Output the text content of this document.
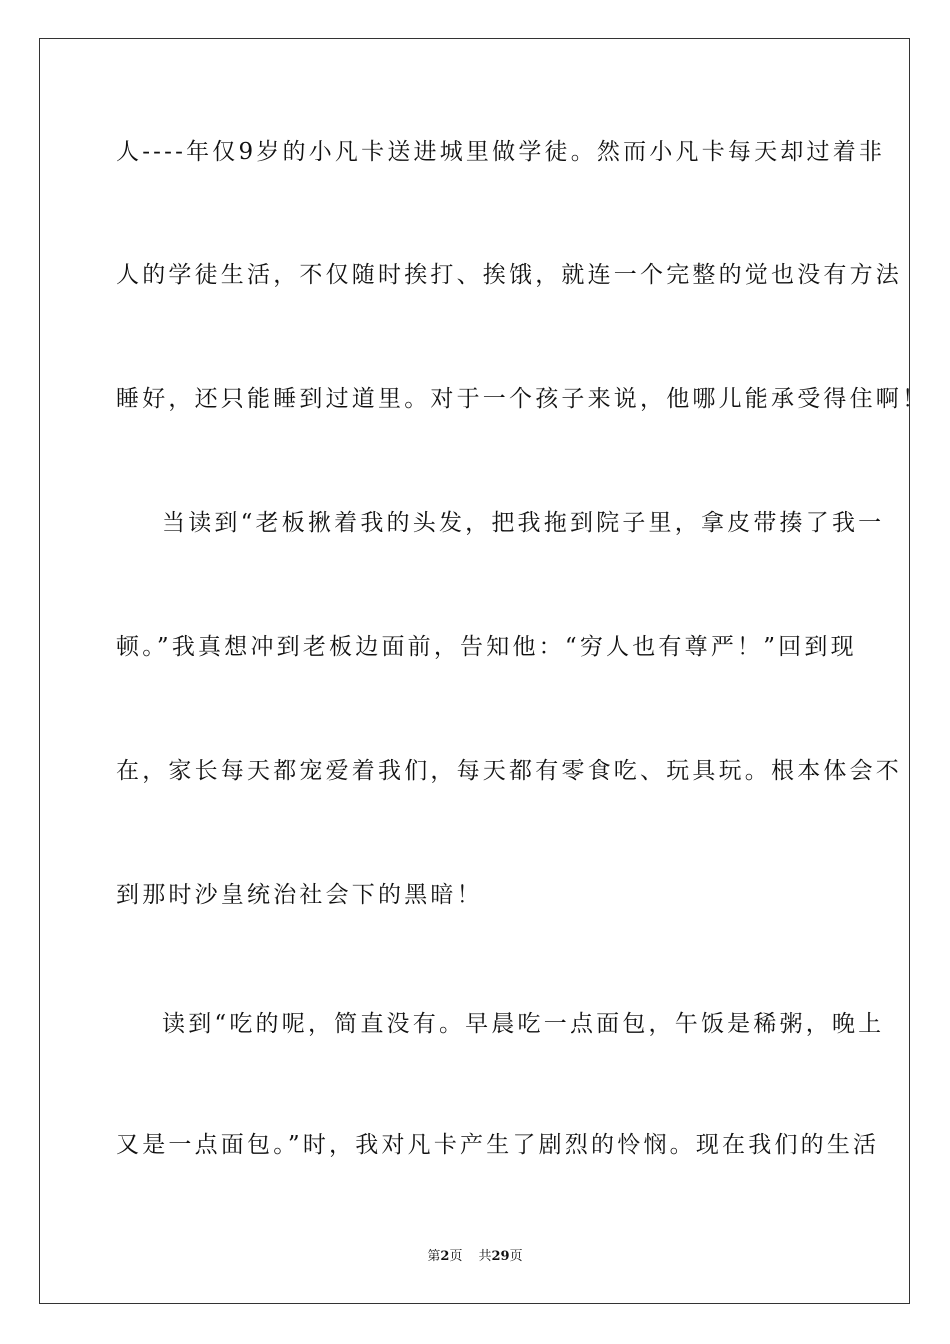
人----年仅9岁的小凡卡送进城里做学徒。然而小凡卡每天却过着非
人的学徒生活，不仅随时挨打、挨饿，就连一个完整的觉也没有方法
睡好，还只能睡到过道里。对于一个孩子来说，他哪儿能承受得住啊！
当读到“老板揪着我的头发，把我拖到院子里，拿皮带揍了我一
顿。”我真想冲到老板边面前，告知他：“穷人也有尊严！”回到现
在，家长每天都宠爱着我们，每天都有零食吃、玩具玩。根本体会不
到那时沙皇统治社会下的黑暗！
读到“吃的呢，简直没有。早晨吃一点面包，午饭是稀粥，晚上
又是一点面包。”时，我对凡卡产生了剧烈的怜悯。现在我们的生活
第2页 共29页
